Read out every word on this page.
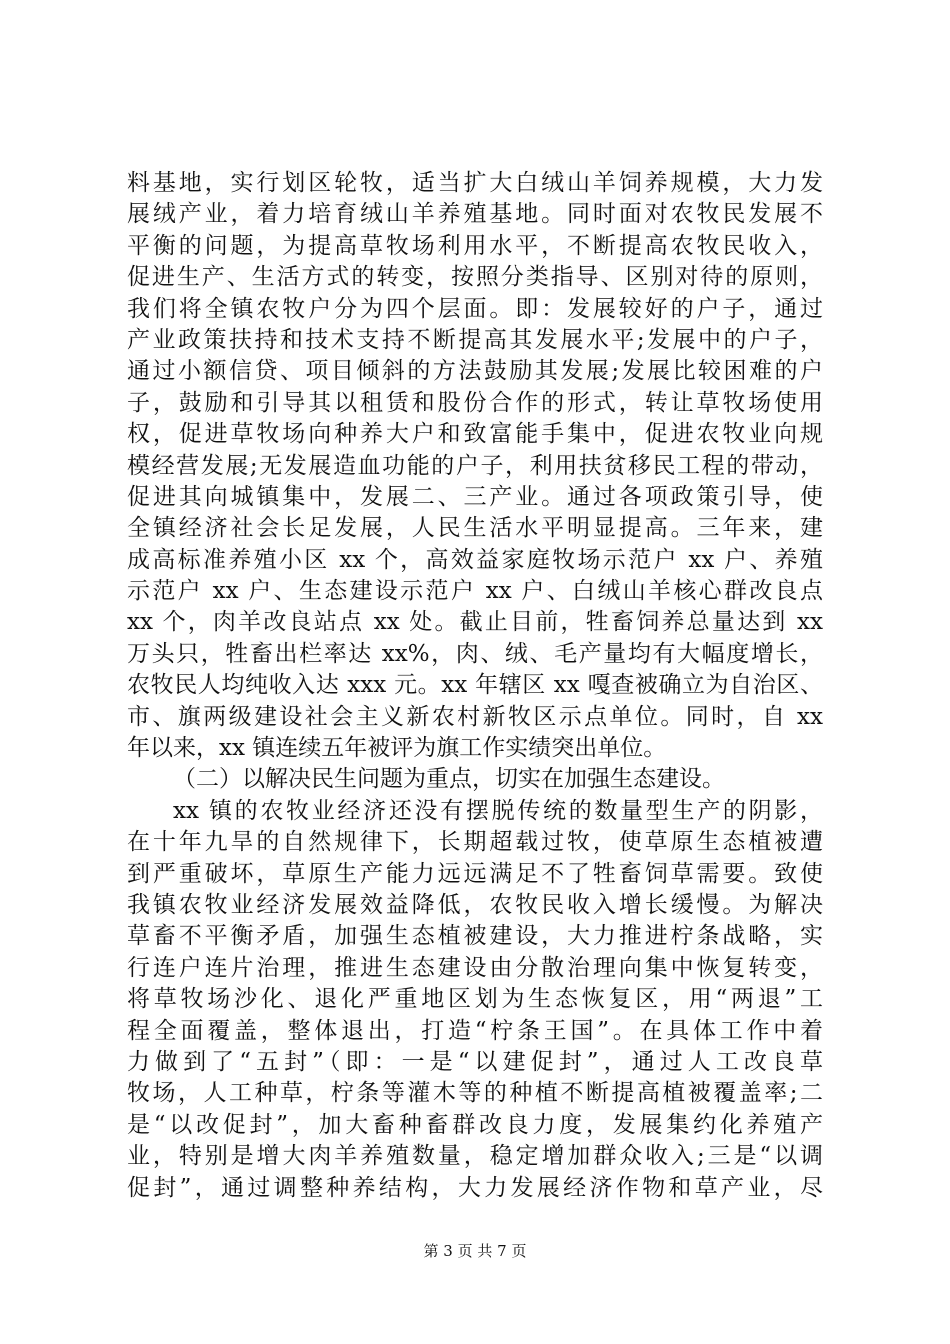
料基地，实行划区轮牧，适当扩大白绒山羊饲养规模，大力发
展绒产业，着力培育绒山羊养殖基地。同时面对农牧民发展不
平衡的问题，为提高草牧场利用水平，不断提高农牧民收入，
促进生产、生活方式的转变，按照分类指导、区别对待的原则，
我们将全镇农牧户分为四个层面。即：发展较好的户子，通过
产业政策扶持和技术支持不断提高其发展水平;发展中的户子，
通过小额信贷、项目倾斜的方法鼓励其发展;发展比较困难的户
子，鼓励和引导其以租赁和股份合作的形式，转让草牧场使用
权，促进草牧场向种养大户和致富能手集中，促进农牧业向规
模经营发展;无发展造血功能的户子，利用扶贫移民工程的带动，
促进其向城镇集中，发展二、三产业。通过各项政策引导，使
全镇经济社会长足发展，人民生活水平明显提高。三年来，建
成高标准养殖小区 xx 个，高效益家庭牧场示范户 xx 户、养殖
示范户 xx 户、生态建设示范户 xx 户、白绒山羊核心群改良点
xx 个，肉羊改良站点 xx 处。截止目前，牲畜饲养总量达到 xx
万头只，牲畜出栏率达 xx%，肉、绒、毛产量均有大幅度增长，
农牧民人均纯收入达 xxx 元。xx 年辖区 xx 嘎查被确立为自治区、
市、旗两级建设社会主义新农村新牧区示点单位。同时，自 xx
年以来，xx 镇连续五年被评为旗工作实绩突出单位。
（二）以解决民生问题为重点，切实在加强生态建设。
xx 镇的农牧业经济还没有摆脱传统的数量型生产的阴影，
在十年九旱的自然规律下，长期超载过牧，使草原生态植被遭
到严重破坏，草原生产能力远远满足不了牲畜饲草需要。致使
我镇农牧业经济发展效益降低，农牧民收入增长缓慢。为解决
草畜不平衡矛盾，加强生态植被建设，大力推进柠条战略，实
行连户连片治理，推进生态建设由分散治理向集中恢复转变，
将草牧场沙化、退化严重地区划为生态恢复区，用“两退”工
程全面覆盖，整体退出，打造“柠条王国”。在具体工作中着
力做到了“五封”（即：一是“以建促封”，通过人工改良草
牧场，人工种草，柠条等灌木等的种植不断提高植被覆盖率;二
是“以改促封”，加大畜种畜群改良力度，发展集约化养殖产
业，特别是增大肉羊养殖数量，稳定增加群众收入;三是“以调
促封”，通过调整种养结构，大力发展经济作物和草产业，尽
第 3 页 共 7 页
